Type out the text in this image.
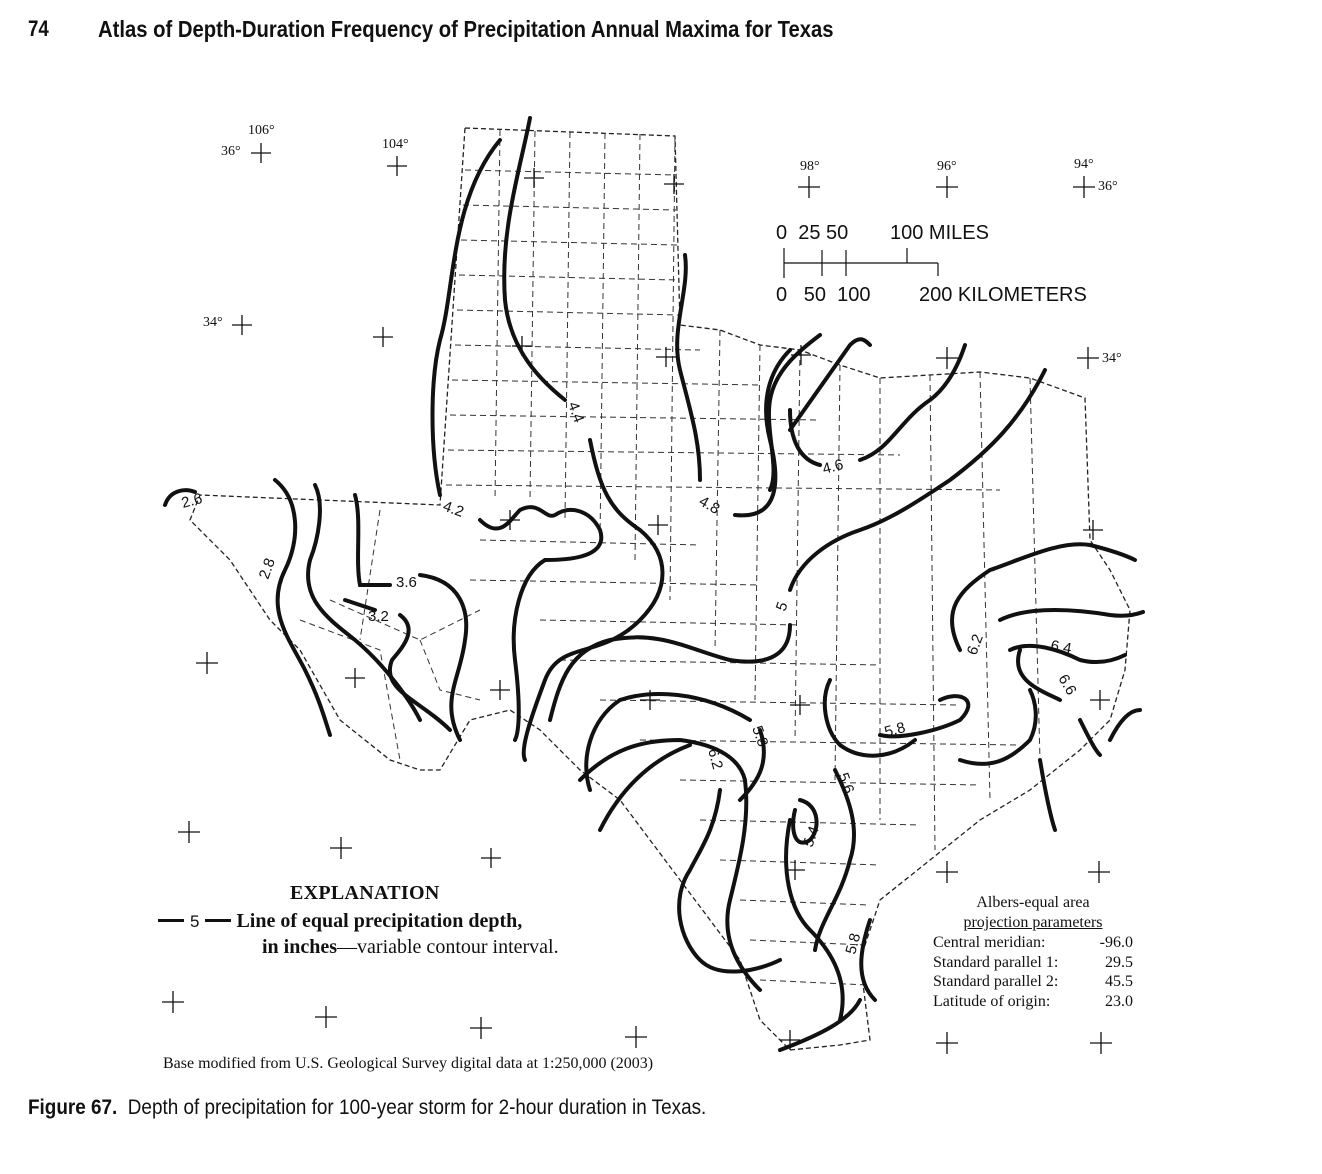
74 Atlas of Depth-Duration Frequency of Precipitation Annual Maxima for Texas
106°
36°	104°
34°
98°	96°	94°
36°
34°
0  25 50 100 MILES
0   50  100 200 KILOMETERS
2.6
2.8
3.2
3.6
4.2
4.4
4.6
4.8
5
5.4
5.6
5.8	5.8
5.8
6.2
6.2	6.4
6.6
EXPLANATION
5 Line of equal precipitation depth,
in inches—variable contour interval.
Albers-equal area
projection parameters
Central meridian:	-96.0
Standard parallel 1:	29.5
Standard parallel 2:	45.5
Latitude of origin:	23.0
Base modified from U.S. Geological Survey digital data at 1:250,000 (2003)
Figure 67. Depth of precipitation for 100-year storm for 2-hour duration in Texas.
